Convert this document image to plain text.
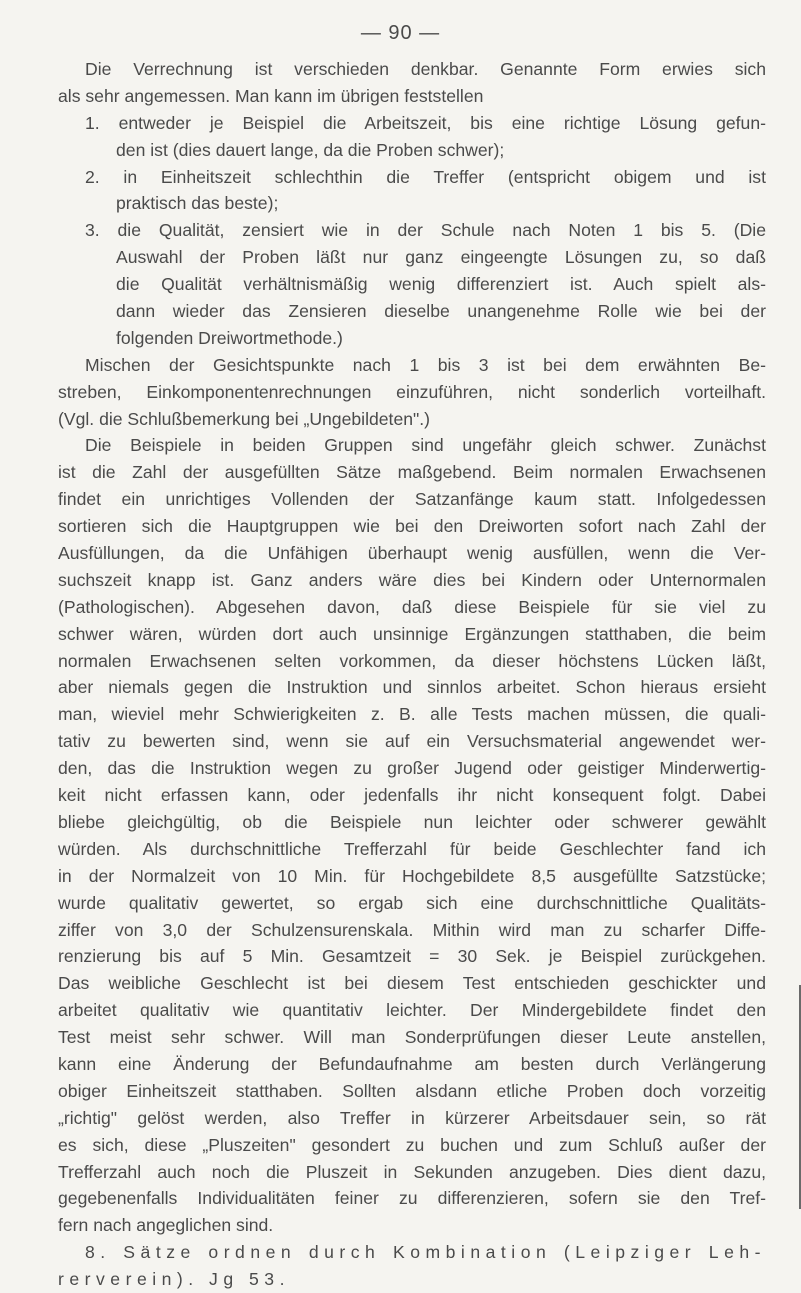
— 90 —
Die Verrechnung ist verschieden denkbar. Genannte Form erwies sich
als sehr angemessen. Man kann im übrigen feststellen
1. entweder je Beispiel die Arbeitszeit, bis eine richtige Lösung gefun-
den ist (dies dauert lange, da die Proben schwer);
2. in Einheitszeit schlechthin die Treffer (entspricht obigem und ist
praktisch das beste);
3. die Qualität, zensiert wie in der Schule nach Noten 1 bis 5. (Die
Auswahl der Proben läßt nur ganz eingeengte Lösungen zu, so daß
die Qualität verhältnismäßig wenig differenziert ist. Auch spielt als-
dann wieder das Zensieren dieselbe unangenehme Rolle wie bei der
folgenden Dreiwortmethode.)
Mischen der Gesichtspunkte nach 1 bis 3 ist bei dem erwähnten Be-
streben, Einkomponentenrechnungen einzuführen, nicht sonderlich vorteilhaft.
(Vgl. die Schlußbemerkung bei „Ungebildeten".)
Die Beispiele in beiden Gruppen sind ungefähr gleich schwer. Zunächst
ist die Zahl der ausgefüllten Sätze maßgebend. Beim normalen Erwachsenen
findet ein unrichtiges Vollenden der Satzanfänge kaum statt. Infolgedessen
sortieren sich die Hauptgruppen wie bei den Dreiworten sofort nach Zahl der
Ausfüllungen, da die Unfähigen überhaupt wenig ausfüllen, wenn die Ver-
suchszeit knapp ist. Ganz anders wäre dies bei Kindern oder Unternormalen
(Pathologischen). Abgesehen davon, daß diese Beispiele für sie viel zu
schwer wären, würden dort auch unsinnige Ergänzungen statthaben, die beim
normalen Erwachsenen selten vorkommen, da dieser höchstens Lücken läßt,
aber niemals gegen die Instruktion und sinnlos arbeitet. Schon hieraus ersieht
man, wieviel mehr Schwierigkeiten z. B. alle Tests machen müssen, die quali-
tativ zu bewerten sind, wenn sie auf ein Versuchsmaterial angewendet wer-
den, das die Instruktion wegen zu großer Jugend oder geistiger Minderwertig-
keit nicht erfassen kann, oder jedenfalls ihr nicht konsequent folgt. Dabei
bliebe gleichgültig, ob die Beispiele nun leichter oder schwerer gewählt
würden. Als durchschnittliche Trefferzahl für beide Geschlechter fand ich
in der Normalzeit von 10 Min. für Hochgebildete 8,5 ausgefüllte Satzstücke;
wurde qualitativ gewertet, so ergab sich eine durchschnittliche Qualitäts-
ziffer von 3,0 der Schulzensurenskala. Mithin wird man zu scharfer Diffe-
renzierung bis auf 5 Min. Gesamtzeit = 30 Sek. je Beispiel zurückgehen.
Das weibliche Geschlecht ist bei diesem Test entschieden geschickter und
arbeitet qualitativ wie quantitativ leichter. Der Mindergebildete findet den
Test meist sehr schwer. Will man Sonderprüfungen dieser Leute anstellen,
kann eine Änderung der Befundaufnahme am besten durch Verlängerung
obiger Einheitszeit statthaben. Sollten alsdann etliche Proben doch vorzeitig
„richtig" gelöst werden, also Treffer in kürzerer Arbeitsdauer sein, so rät
es sich, diese „Pluszeiten" gesondert zu buchen und zum Schluß außer der
Trefferzahl auch noch die Pluszeit in Sekunden anzugeben. Dies dient dazu,
gegebenenfalls Individualitäten feiner zu differenzieren, sofern sie den Tref-
fern nach angeglichen sind.
8. Sätze ordnen durch Kombination (Leipziger Leh-
rerverein). Jg 53.
